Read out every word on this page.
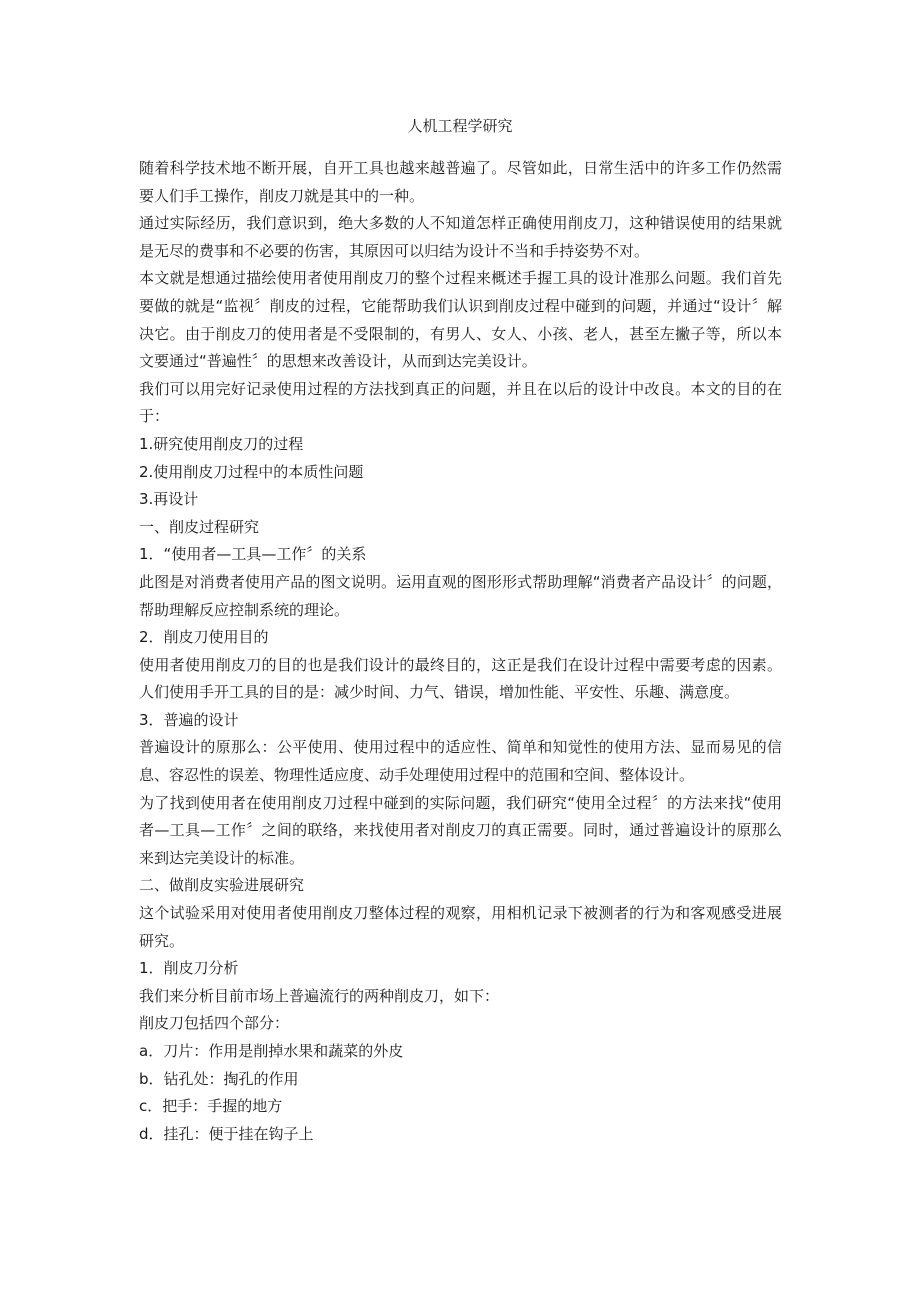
人机工程学研究

随着科学技术地不断开展，自开工具也越来越普遍了。尽管如此，日常生活中的许多工作仍然需要人们手工操作，削皮刀就是其中的一种。

通过实际经历，我们意识到，绝大多数的人不知道怎样正确使用削皮刀，这种错误使用的结果就是无尽的费事和不必要的伤害，其原因可以归结为设计不当和手持姿势不对。

本文就是想通过描绘使用者使用削皮刀的整个过程来概述手握工具的设计准那么问题。我们首先要做的就是“监视〞削皮的过程，它能帮助我们认识到削皮过程中碰到的问题，并通过“设计〞解决它。由于削皮刀的使用者是不受限制的，有男人、女人、小孩、老人，甚至左撇子等，所以本文要通过“普遍性〞的思想来改善设计，从而到达完美设计。

我们可以用完好记录使用过程的方法找到真正的问题，并且在以后的设计中改良。本文的目的在于：

1.研究使用削皮刀的过程

2.使用削皮刀过程中的本质性问题

3.再设计

一、削皮过程研究

1．“使用者—工具—工作〞的关系

此图是对消费者使用产品的图文说明。运用直观的图形形式帮助理解“消费者产品设计〞的问题，帮助理解反应控制系统的理论。

2．削皮刀使用目的

使用者使用削皮刀的目的也是我们设计的最终目的，这正是我们在设计过程中需要考虑的因素。人们使用手开工具的目的是：减少时间、力气、错误，增加性能、平安性、乐趣、满意度。

3．普遍的设计

普遍设计的原那么：公平使用、使用过程中的适应性、简单和知觉性的使用方法、显而易见的信息、容忍性的误差、物理性适应度、动手处理使用过程中的范围和空间、整体设计。

为了找到使用者在使用削皮刀过程中碰到的实际问题，我们研究“使用全过程〞的方法来找“使用者—工具—工作〞之间的联络，来找使用者对削皮刀的真正需要。同时，通过普遍设计的原那么来到达完美设计的标准。

二、做削皮实验进展研究

这个试验采用对使用者使用削皮刀整体过程的观察，用相机记录下被测者的行为和客观感受进展研究。

1．削皮刀分析

我们来分析目前市场上普遍流行的两种削皮刀，如下：

削皮刀包括四个部分：

a．刀片：作用是削掉水果和蔬菜的外皮

b．钻孔处：掏孔的作用

c．把手：手握的地方

d．挂孔：便于挂在钩子上
